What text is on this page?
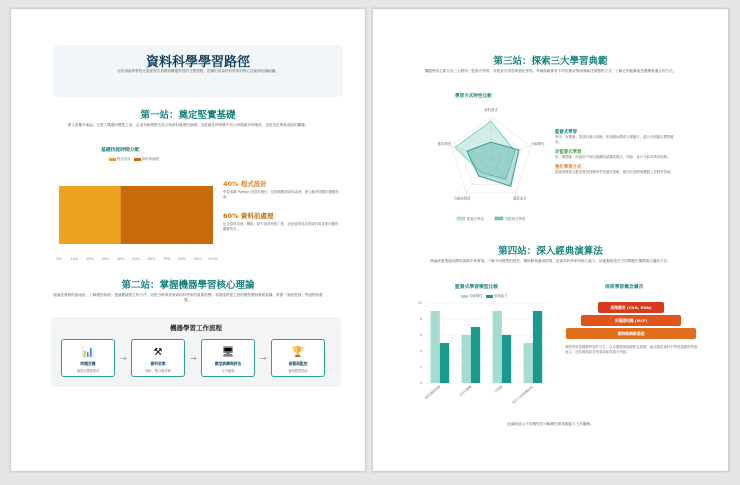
資料科學學習路徑
這份指南將帶您走過從程式基礎到機器學習的完整旅程，提煉出星資料科學家的核心技能與知識地圖。
第一站：奠定堅實基礎
萬丈高樓平地起。在進入機器的模型之前，必須先紮穩程式語言與資料處理的基礎。這是讓你得學費中投入時間最多的階段，也是決定專案成敗的關鍵。
基礎技能時間分配
程式設計	資料前處理
0%	10% 20% 30% 40% 50% 60% 70% 80% 90% 100%
40% 程式設計
學習承載 Python 的資料操作、控制與數據資料處理，建立解決問題的邏輯思維。
60% 資料前處理
包含資料清理、轉換、缺失值與特徵工程，這是確保高品質資料與重要步驟的關鍵所在。
第二站：掌握機器學習核心理論
理論是實踐的指南針。了解模型原理，透過數據建立的方法，這是分辨專案與資料科學家的重要指標。本階段將建立您的模型開發系統架構，掌握『流程思維』等流程的重點。
機器學習工作流程
📊
問題定義
確認目標與需求
→
⚒
資料收集
爬取、整合與清理
→
🖥
模型訓練與評估
交叉驗證
→
🏆
部署與監控
確保模型效能
第三站：探索三大學習典範
機器學習主要分為三大類別：監督式學習、非監督式學習與強化學習。每種典範都有不同的應用情境與解決問題的方式，了解它們能幫助您選擇最適合的方法。
學習方式特性比較
資料需求
可解釋性
運算成本
自動化程度
應用廣度
監督式學習	非監督式學習
監督式學習
利用「有標籤」的資料進行訓練，如預測房價或分類圖片，適合有明確目標的應用。
非監督式學習
從「無標籤」的資料中找出隱藏的結構或模式，例如：客戶分群或異常偵測。
強化學習方式
透過與環境互動並獲得回饋來學習最佳策略，應用於遊戲與機器人控制等領域。
第四站：深入經典演算法
理論需要透過具體的演算法來實現。了解不同模型的特性、優缺點與適用情境，是資料科學家的核心能力，這能幫助您在不同問題中選擇最合適的方法。
監督式學習模型比較
可解釋性	預測能力
0
2
4
6
8
10
線性/邏輯迴歸	支持向量機	決策樹	集成方法(隨機森林)
深度學習概念層次
高階應用 (CNN, RNN)
多層感知機 (MLP)
類神經網路基礎
深度學習是機器學習的分支，以多層類神經網路為基礎，能自動從資料中學習複雜的特徵表示，在影像與語音等領域取得重大突破。
此圖表展示不同模型在可解釋性與預測能力上的權衡。
